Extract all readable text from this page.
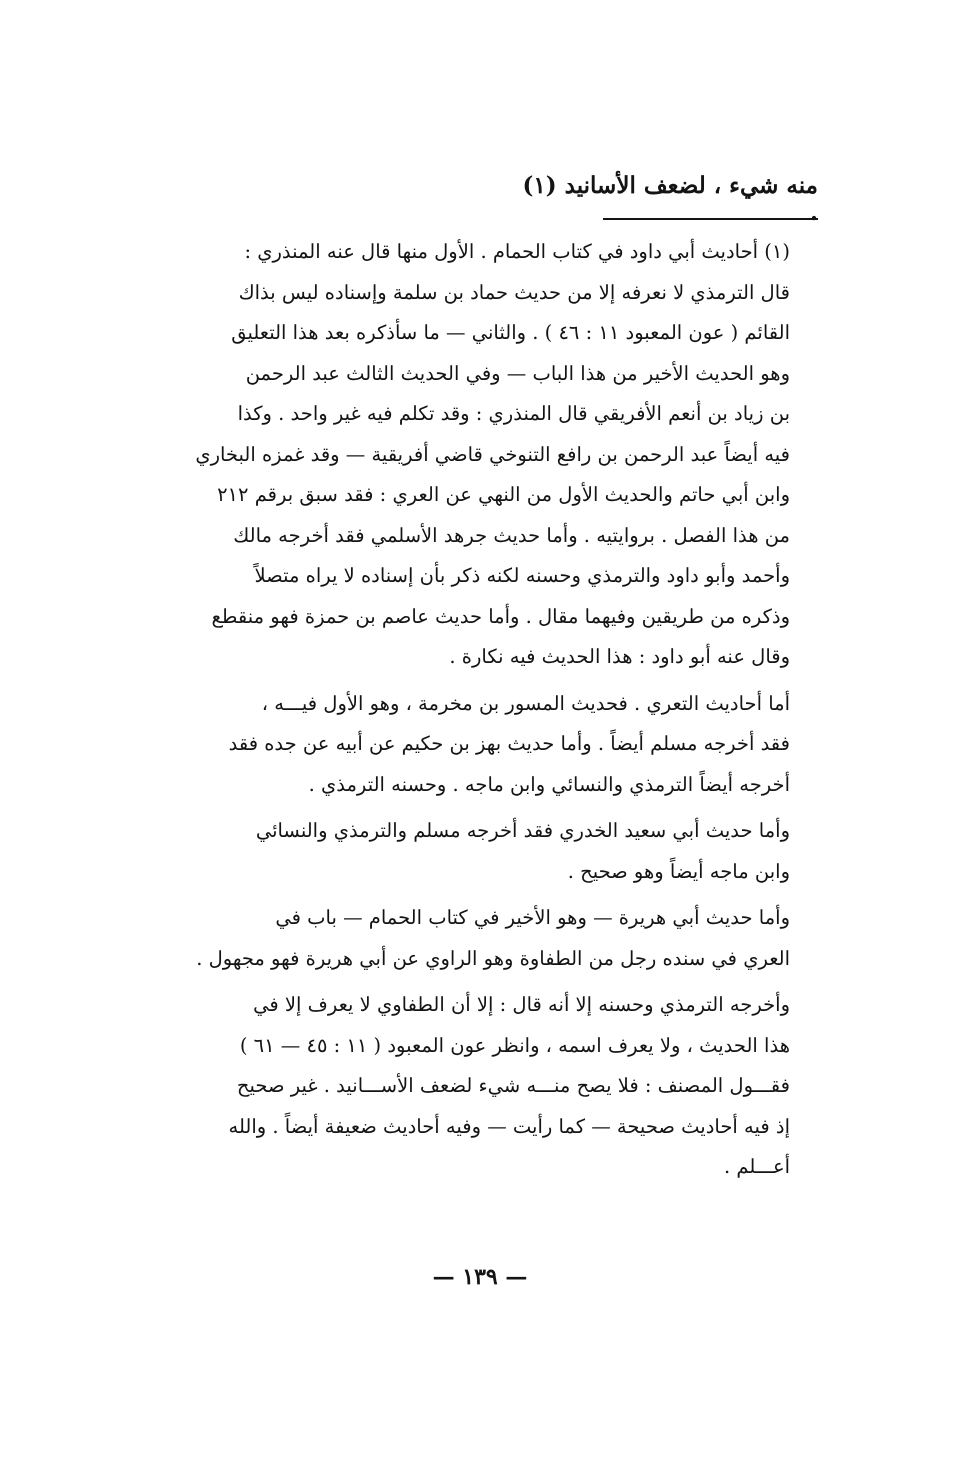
منه شيء ، لضعف الأسانيد (١) .
(١) أحاديث أبي داود في كتاب الحمام . الأول منها قال عنه المنذري :
قال الترمذي لا نعرفه إلا من حديث حماد بن سلمة وإسناده ليس بذاك
القائم ( عون المعبود ١١ : ٤٦ ) . والثاني — ما سأذكره بعد هذا التعليق
وهو الحديث الأخير من هذا الباب — وفي الحديث الثالث عبد الرحمن
بن زياد بن أنعم الأفريقي قال المنذري : وقد تكلم فيه غير واحد . وكذا
فيه أيضاً عبد الرحمن بن رافع التنوخي قاضي أفريقية — وقد غمزه البخاري
وابن أبي حاتم والحديث الأول من النهي عن العري : فقد سبق برقم ٢١٢
من هذا الفصل . بروايتيه . وأما حديث جرهد الأسلمي فقد أخرجه مالك
وأحمد وأبو داود والترمذي وحسنه لكنه ذكر بأن إسناده لا يراه متصلاً
وذكره من طريقين وفيهما مقال . وأما حديث عاصم بن حمزة فهو منقطع
وقال عنه أبو داود : هذا الحديث فيه نكارة .
أما أحاديث التعري . فحديث المسور بن مخرمة ، وهو الأول فيـــه ،
فقد أخرجه مسلم أيضاً . وأما حديث بهز بن حكيم عن أبيه عن جده فقد
أخرجه أيضاً الترمذي والنسائي وابن ماجه . وحسنه الترمذي .
وأما حديث أبي سعيد الخدري فقد أخرجه مسلم والترمذي والنسائي
وابن ماجه أيضاً وهو صحيح .
وأما حديث أبي هريرة — وهو الأخير في كتاب الحمام — باب في
العري في سنده رجل من الطفاوة وهو الراوي عن أبي هريرة فهو مجهول .
وأخرجه الترمذي وحسنه إلا أنه قال : إلا أن الطفاوي لا يعرف إلا في
هذا الحديث ، ولا يعرف اسمه ، وانظر عون المعبود ( ١١ : ٤٥ — ٦١ )
فقـــول المصنف : فلا يصح منـــه شيء لضعف الأســـانيد . غير صحيح
إذ فيه أحاديث صحيحة — كما رأيت — وفيه أحاديث ضعيفة أيضاً . والله
أعـــلم .
— ١٣٩ —
